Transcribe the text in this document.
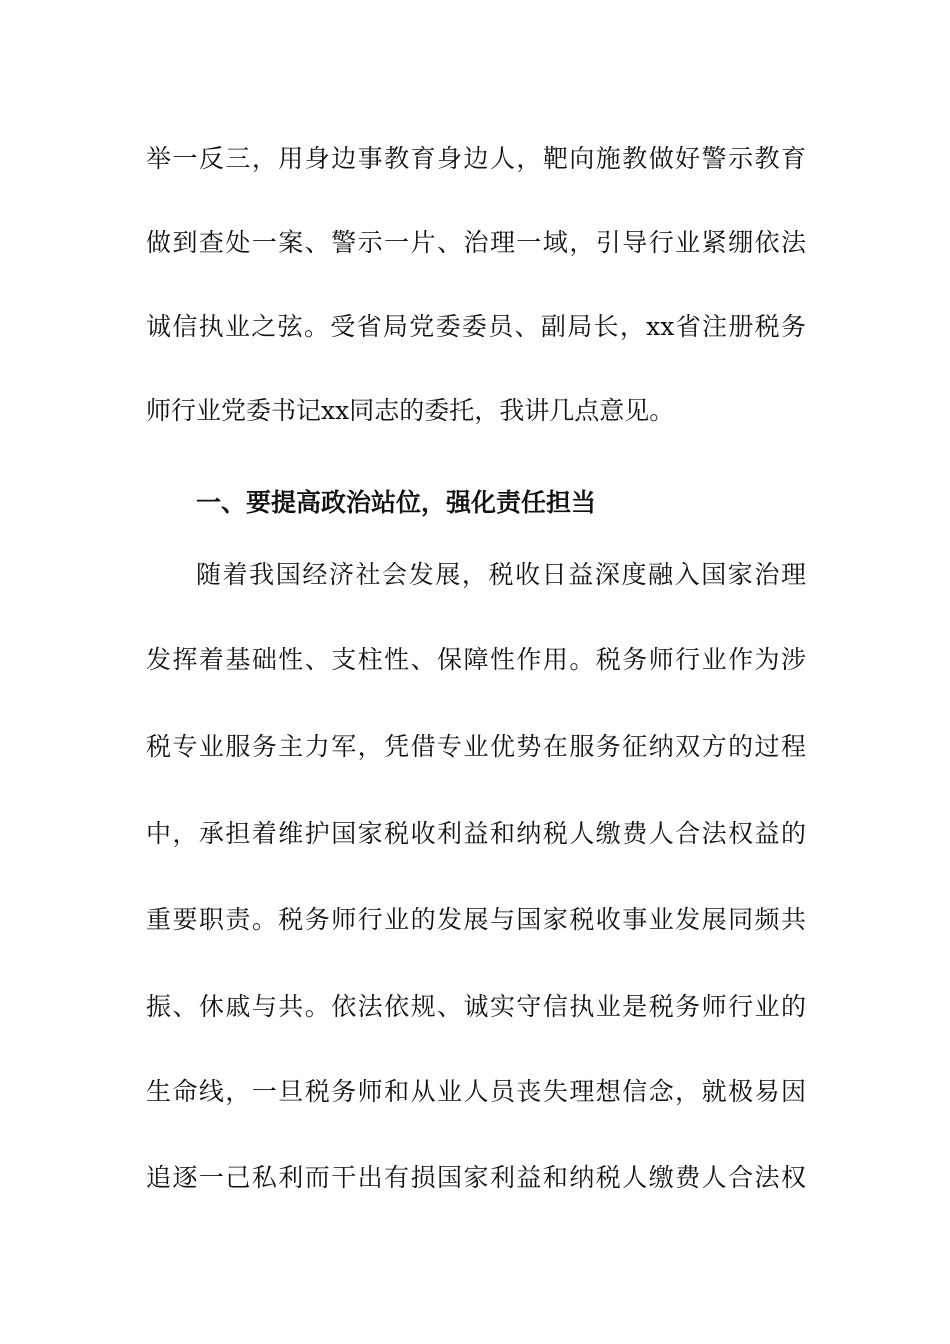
举一反三，用身边事教育身边人，靶向施教做好警示教育
做到查处一案、警示一片、治理一域，引导行业紧绷依法
诚信执业之弦。受省局党委委员、副局长，xx省注册税务
师行业党委书记xx同志的委托，我讲几点意见。
一、要提高政治站位，强化责任担当
随着我国经济社会发展，税收日益深度融入国家治理
发挥着基础性、支柱性、保障性作用。税务师行业作为涉
税专业服务主力军，凭借专业优势在服务征纳双方的过程
中，承担着维护国家税收利益和纳税人缴费人合法权益的
重要职责。税务师行业的发展与国家税收事业发展同频共
振、休戚与共。依法依规、诚实守信执业是税务师行业的
生命线，一旦税务师和从业人员丧失理想信念，就极易因
追逐一己私利而干出有损国家利益和纳税人缴费人合法权
